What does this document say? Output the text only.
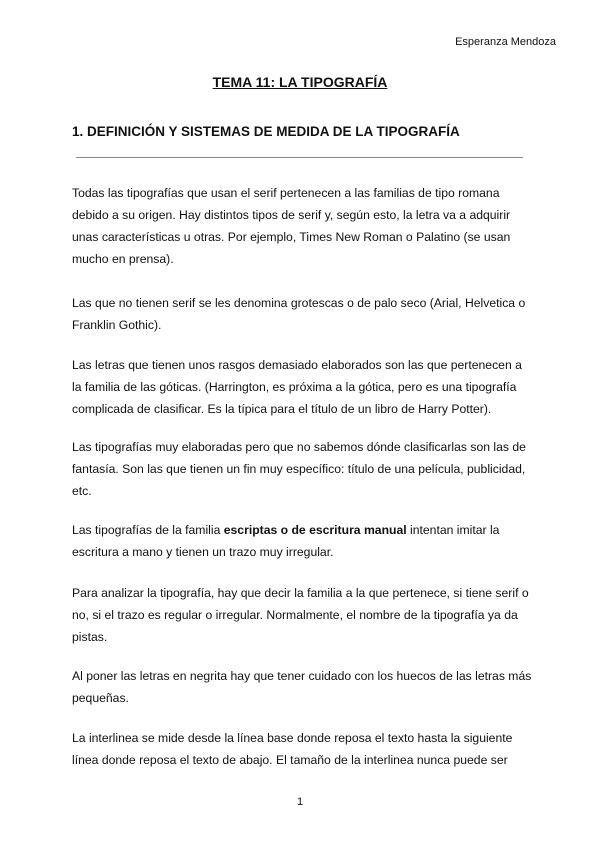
Esperanza Mendoza
TEMA 11: LA TIPOGRAFÍA
1. DEFINICIÓN Y SISTEMAS DE MEDIDA DE LA TIPOGRAFÍA

Todas las tipografías que usan el serif pertenecen a las familias de tipo romana debido a su origen. Hay distintos tipos de serif y, según esto, la letra va a adquirir unas características u otras. Por ejemplo, Times New Roman o Palatino (se usan mucho en prensa).

Las que no tienen serif se les denomina grotescas o de palo seco (Arial, Helvetica o Franklin Gothic).

Las letras que tienen unos rasgos demasiado elaborados son las que pertenecen a la familia de las góticas. (Harrington, es próxima a la gótica, pero es una tipografía complicada de clasificar. Es la típica para el título de un libro de Harry Potter).

Las tipografías muy elaboradas pero que no sabemos dónde clasificarlas son las de fantasía. Son las que tienen un fin muy específico: título de una película, publicidad, etc.

Las tipografías de la familia escriptas o de escritura manual intentan imitar la escritura a mano y tienen un trazo muy irregular.

Para analizar la tipografía, hay que decir la familia a la que pertenece, si tiene serif o no, si el trazo es regular o irregular. Normalmente, el nombre de la tipografía ya da pistas.

Al poner las letras en negrita hay que tener cuidado con los huecos de las letras más pequeñas.

La interlinea se mide desde la línea base donde reposa el texto hasta la siguiente línea donde reposa el texto de abajo. El tamaño de la interlinea nunca puede ser

1
